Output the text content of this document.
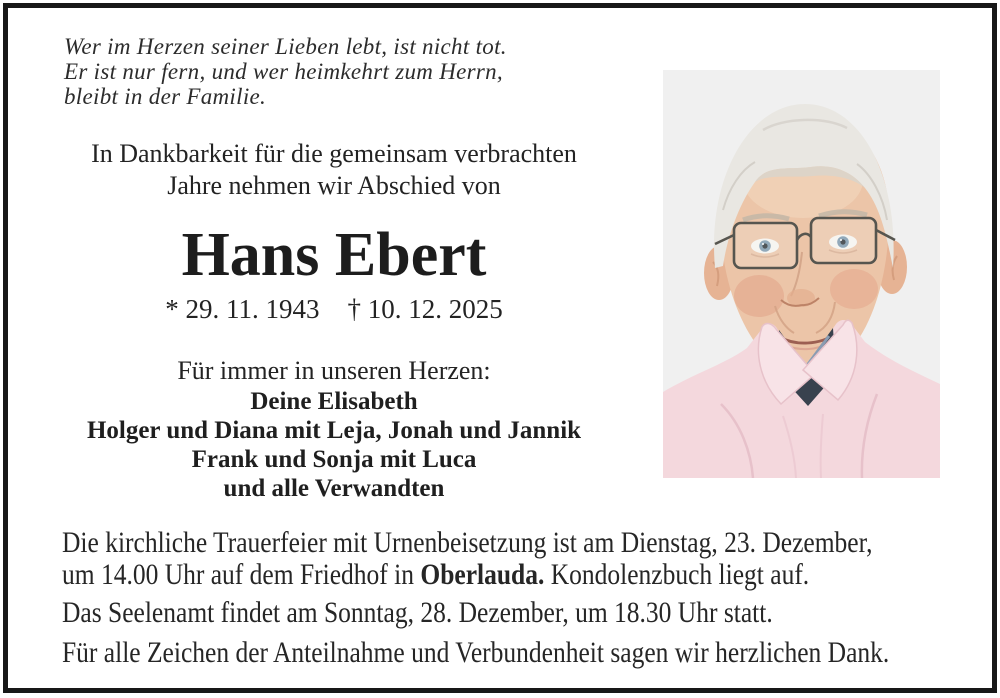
Wer im Herzen seiner Lieben lebt, ist nicht tot.
Er ist nur fern, und wer heimkehrt zum Herrn,
bleibt in der Familie.
In Dankbarkeit für die gemeinsam verbrachten
Jahre nehmen wir Abschied von
Hans Ebert
* 29. 11. 1943 † 10. 12. 2025
Für immer in unseren Herzen:
Deine Elisabeth
Holger und Diana mit Leja, Jonah und Jannik
Frank und Sonja mit Luca
und alle Verwandten
Die kirchliche Trauerfeier mit Urnenbeisetzung ist am Dienstag, 23. Dezember,
um 14.00 Uhr auf dem Friedhof in Oberlauda. Kondolenzbuch liegt auf.
Das Seelenamt findet am Sonntag, 28. Dezember, um 18.30 Uhr statt.
Für alle Zeichen der Anteilnahme und Verbundenheit sagen wir herzlichen Dank.
